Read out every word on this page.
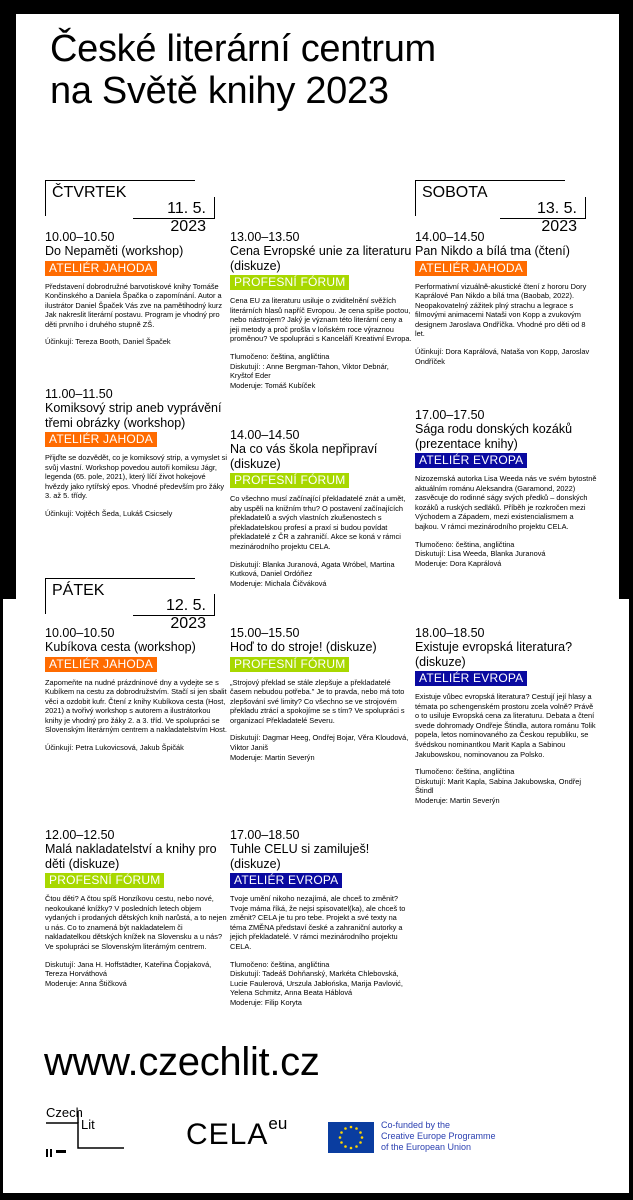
České literární centrum
na Světě knihy 2023
ČTVRTEK
11. 5. 2023
SOBOTA
13. 5. 2023
PÁTEK
12. 5. 2023
10.00–10.50
Do Nepaměti (workshop)
ATELIÉR JAHODA

Představení dobrodružné barvotiskové knihy Tomáše Končinského a Daniela Špačka o zapomínání. Autor a ilustrátor Daniel Špaček Vás zve na pamětihodný kurz Jak nakreslit literární postavu. Program je vhodný pro děti prvního i druhého stupně ZŠ.

Účinkují: Tereza Booth, Daniel Špaček

11.00–11.50
Komiksový strip aneb vyprávění třemi obrázky (workshop)
ATELIÉR JAHODA

Přijďte se dozvědět, co je komiksový strip, a vymyslet si svůj vlastní. Workshop povedou autoři komiksu Jágr, legenda (65. pole, 2021), který líčí život hokejové hvězdy jako rytířský epos. Vhodné především pro žáky 3. až 5. třídy.

Účinkují: Vojtěch Šeda, Lukáš Csicsely

13.00–13.50
Cena Evropské unie za literaturu (diskuze)
PROFESNÍ FÓRUM

Cena EU za literaturu usiluje o zviditelnění svěžích literárních hlasů napříč Evropou. Je cena spíše poctou, nebo nástrojem? Jaký je význam této literární ceny a jeji metody a proč prošla v loňském roce výraznou proměnou? Ve spolupráci s Kanceláří Kreativní Evropa.

Tlumočeno: čeština, angličtina

Diskutují: : Anne Bergman-Tahon, Viktor Debnár, Kryštof Eder

Moderuje: Tomáš Kubíček

14.00–14.50
Na co vás škola nepřipraví (diskuze)
PROFESNÍ FÓRUM

Co všechno musí začínající překladatelé znát a umět, aby uspěli na knižním trhu? O postavení začínajících překladatelů a svých vlastních zkušenostech s překladatelskou profesí a praxí si budou povídat překladatelé z ČR a zahraničí. Akce se koná v rámci mezinárodního projektu CELA.

Diskutují: Blanka Juranová, Agata Wróbel, Martina Kutková, Daniel Ordóñez

Moderuje: Michala Čičváková

14.00–14.50
Pan Nikdo a bílá tma (čtení)
ATELIÉR JAHODA

Performativní vizuálně-akustické čtení z hororu Dory Kaprálové Pan Nikdo a bílá tma (Baobab, 2022). Neopakovatelný zážitek plný strachu a legrace s filmovými animacemi Nataši von Kopp a zvukovým designem Jaroslava Ondříčka. Vhodné pro děti od 8 let.

Účinkují: Dora Kaprálová, Nataša von Kopp, Jaroslav Ondříček

17.00–17.50
Sága rodu donských kozáků (prezentace knihy)
ATELIÉR EVROPA

Nizozemská autorka Lisa Weeda nás ve svém bytostně aktuálním románu Aleksandra (Garamond, 2022) zasvěcuje do rodinné ságy svých předků – donských kozáků a ruských sedláků. Příběh je rozkročen mezi Východem a Západem, mezi existencialismem a bajkou. V rámci mezinárodního projektu CELA.

Tlumočeno: čeština, angličtina

Diskutují: Lisa Weeda, Blanka Juranová

Moderuje: Dora Kaprálová

10.00–10.50
Kubíkova cesta (workshop)
ATELIÉR JAHODA

Zapomeňte na nudné prázdninové dny a vydejte se s Kubíkem na cestu za dobrodružstvím. Stačí si jen sbalit věci a ozdobit kufr. Čtení z knihy Kubíkova cesta (Host, 2021) a tvořivý workshop s autorem a ilustrátorkou knihy je vhodný pro žáky 2. a 3. tříd. Ve spolupráci se Slovenským literárným centrem a nakladatelstvím Host.

Účinkují: Petra Lukovicsová, Jakub Špičák

12.00–12.50
Malá nakladatelství a knihy pro děti (diskuze)
PROFESNÍ FÓRUM

Čtou děti? A čtou spíš Honzíkovu cestu, nebo nové, neokoukané knížky? V posledních letech objem vydaných i prodaných dětských knih narůstá, a to nejen u nás. Co to znamená být nakladatelem či nakladatelkou dětských knížek na Slovensku a u nás? Ve spolupráci se Slovenským literárným centrem.

Diskutují: Jana H. Hoffstädter, Kateřina Čopjaková, Tereza Horváthová

Moderuje: Anna Štičková

15.00–15.50
Hoď to do stroje! (diskuze)
PROFESNÍ FÓRUM

„Strojový překlad se stále zlepšuje a překladatelé časem nebudou potřeba." Je to pravda, nebo má toto zlepšování své limity? Co všechno se ve strojovém překladu ztrácí a spokojíme se s tím? Ve spolupráci s organizací Překladatelé Severu.

Diskutují: Dagmar Heeg, Ondřej Bojar, Věra Kloudová, Viktor Janiš

Moderuje: Martin Severýn

17.00–18.50
Tuhle CELU si zamiluješ! (diskuze)
ATELIÉR EVROPA

Tvoje umění nikoho nezajímá, ale chceš to změnit? Tvoje máma říká, že nejsi spisovatel(ka), ale chceš to změnit? CELA je tu pro tebe. Projekt a své texty na téma ZMĚNA představí české a zahraniční autorky a jejich překladatelé. V rámci mezinárodního projektu CELA.

Tlumočeno: čeština, angličtina

Diskutují: Tadeáš Dohňanský, Markéta Chlebovská, Lucie Faulerová, Urszula Jabłońska, Marija Pavlović, Yelena Schmitz, Anna Beata Háblová

Moderuje: Filip Koryta

18.00–18.50
Existuje evropská literatura? (diskuze)
ATELIÉR EVROPA

Existuje vůbec evropská literatura? Cestují její hlasy a témata po schengenském prostoru zcela volně? Právě o to usiluje Evropská cena za literaturu. Debata a čtení svede dohromady Ondřeje Štindla, autora románu Tolik popela, letos nominovaného za Českou republiku, se švédskou nominantkou Marit Kapla a Sabinou Jakubowskou, nominovanou za Polsko.

Tlumočeno: čeština, angličtina

Diskutují: Marit Kapla, Sabina Jakubowska, Ondřej Štindl

Moderuje: Martin Severýn

www.czechlit.cz
Czech
Lit	$CELA^{eu}$	Co-funded by the
Creative Europe Programme
of the European Union
